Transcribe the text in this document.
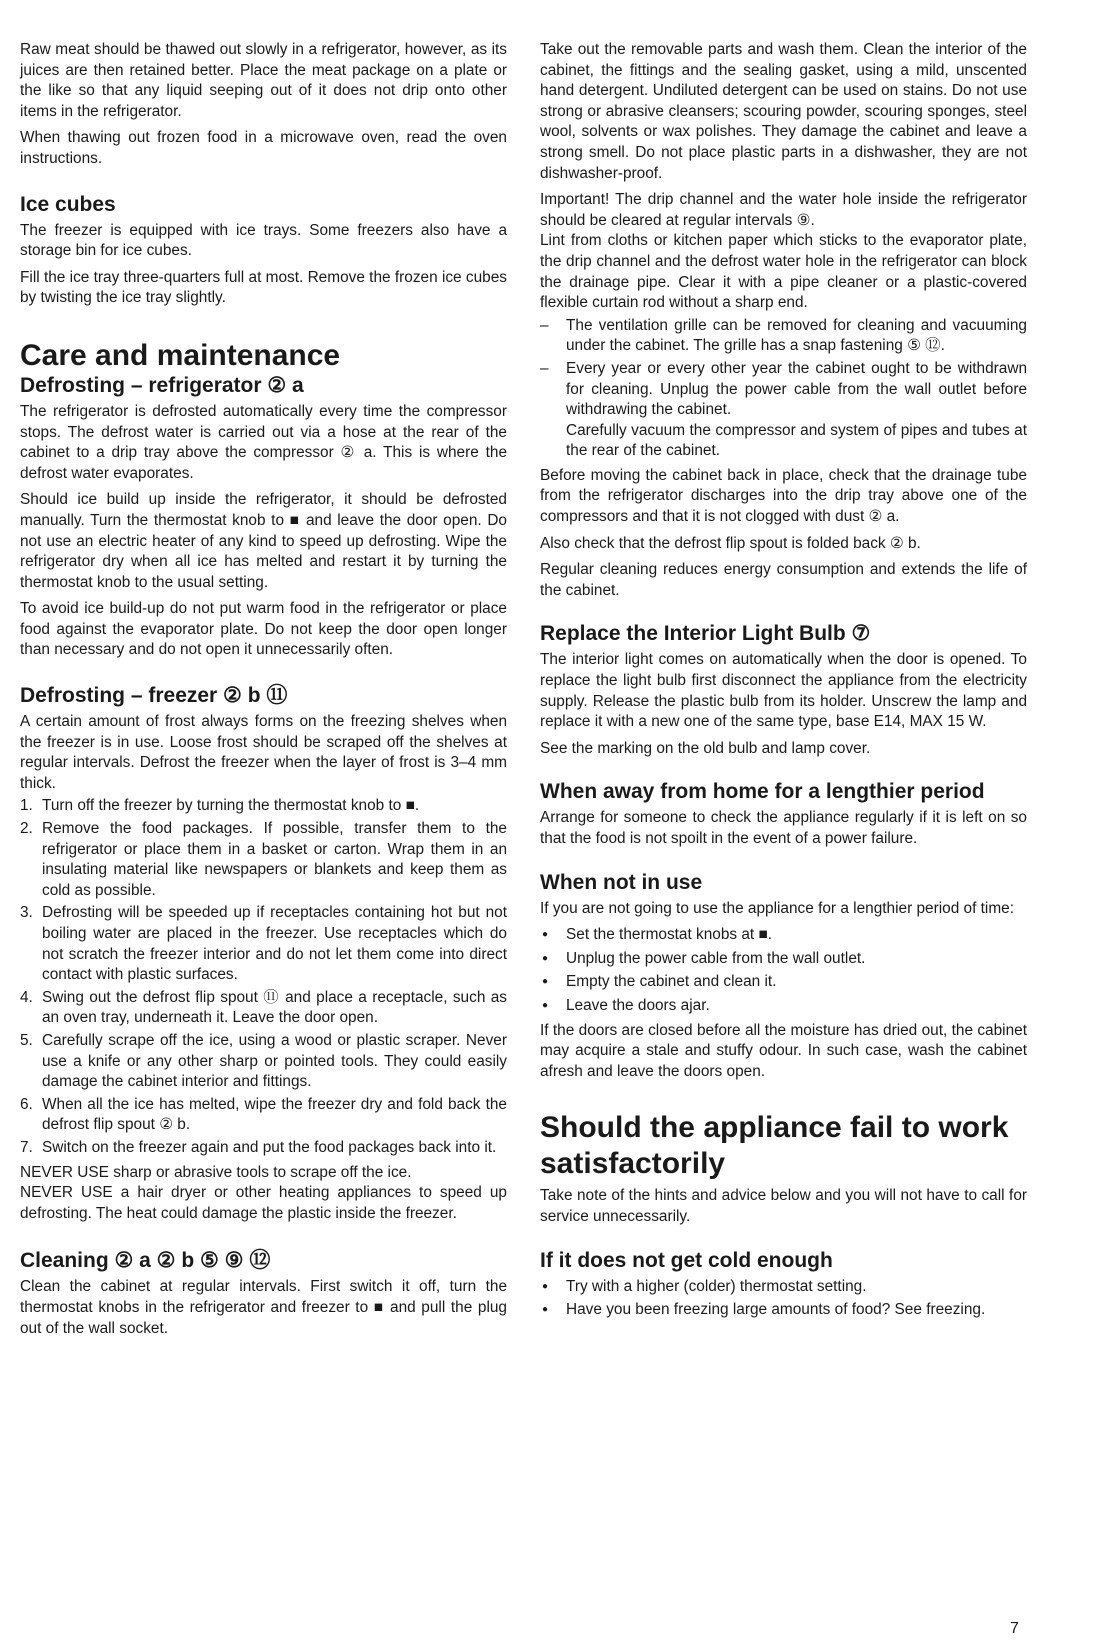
Raw meat should be thawed out slowly in a refrigerator, however, as its juices are then retained better. Place the meat package on a plate or the like so that any liquid seeping out of it does not drip onto other items in the refrigerator.

When thawing out frozen food in a microwave oven, read the oven instructions.

Ice cubes

The freezer is equipped with ice trays. Some freezers also have a storage bin for ice cubes.

Fill the ice tray three-quarters full at most. Remove the frozen ice cubes by twisting the ice tray slightly.

Care and maintenance
Defrosting – refrigerator ② a

The refrigerator is defrosted automatically every time the compressor stops. The defrost water is carried out via a hose at the rear of the cabinet to a drip tray above the compressor ② a. This is where the defrost water evaporates.

Should ice build up inside the refrigerator, it should be defrosted manually. Turn the thermostat knob to ■ and leave the door open. Do not use an electric heater of any kind to speed up defrosting. Wipe the refrigerator dry when all ice has melted and restart it by turning the thermostat knob to the usual setting.

To avoid ice build-up do not put warm food in the refrigerator or place food against the evaporator plate. Do not keep the door open longer than necessary and do not open it unnecessarily often.

Defrosting – freezer ② b ⑪

A certain amount of frost always forms on the freezing shelves when the freezer is in use. Loose frost should be scraped off the shelves at regular intervals. Defrost the freezer when the layer of frost is 3–4 mm thick.

1. Turn off the freezer by turning the thermostat knob to ■.
2. Remove the food packages. If possible, transfer them to the refrigerator or place them in a basket or carton. Wrap them in an insulating material like newspapers or blankets and keep them as cold as possible.
3. Defrosting will be speeded up if receptacles containing hot but not boiling water are placed in the freezer. Use receptacles which do not scratch the freezer interior and do not let them come into direct contact with plastic surfaces.
4. Swing out the defrost flip spout ⑪ and place a receptacle, such as an oven tray, underneath it. Leave the door open.
5. Carefully scrape off the ice, using a wood or plastic scraper. Never use a knife or any other sharp or pointed tools. They could easily damage the cabinet interior and fittings.
6. When all the ice has melted, wipe the freezer dry and fold back the defrost flip spout ② b.
7. Switch on the freezer again and put the food packages back into it.

NEVER USE sharp or abrasive tools to scrape off the ice.

NEVER USE a hair dryer or other heating appliances to speed up defrosting. The heat could damage the plastic inside the freezer.

Cleaning ② a ② b ⑤ ⑨ ⑫

Clean the cabinet at regular intervals. First switch it off, turn the thermostat knobs in the refrigerator and freezer to ■ and pull the plug out of the wall socket.

Take out the removable parts and wash them. Clean the interior of the cabinet, the fittings and the sealing gasket, using a mild, unscented hand detergent. Undiluted detergent can be used on stains. Do not use strong or abrasive cleansers; scouring powder, scouring sponges, steel wool, solvents or wax polishes. They damage the cabinet and leave a strong smell. Do not place plastic parts in a dishwasher, they are not dishwasher-proof.

Important! The drip channel and the water hole inside the refrigerator should be cleared at regular intervals ⑨.

Lint from cloths or kitchen paper which sticks to the evaporator plate, the drip channel and the defrost water hole in the refrigerator can block the drainage pipe. Clear it with a pipe cleaner or a plastic-covered flexible curtain rod without a sharp end.

– The ventilation grille can be removed for cleaning and vacuuming under the cabinet. The grille has a snap fastening ⑤ ⑫.
– Every year or every other year the cabinet ought to be withdrawn for cleaning. Unplug the power cable from the wall outlet before withdrawing the cabinet.
Carefully vacuum the compressor and system of pipes and tubes at the rear of the cabinet.

Before moving the cabinet back in place, check that the drainage tube from the refrigerator discharges into the drip tray above one of the compressors and that it is not clogged with dust ② a.

Also check that the defrost flip spout is folded back ② b.

Regular cleaning reduces energy consumption and extends the life of the cabinet.

Replace the Interior Light Bulb ⑦

The interior light comes on automatically when the door is opened. To replace the light bulb first disconnect the appliance from the electricity supply. Release the plastic bulb from its holder. Unscrew the lamp and replace it with a new one of the same type, base E14, MAX 15 W.

See the marking on the old bulb and lamp cover.

When away from home for a lengthier period

Arrange for someone to check the appliance regularly if it is left on so that the food is not spoilt in the event of a power failure.

When not in use

If you are not going to use the appliance for a lengthier period of time:

● Set the thermostat knobs at ■.
● Unplug the power cable from the wall outlet.
● Empty the cabinet and clean it.
● Leave the doors ajar.

If the doors are closed before all the moisture has dried out, the cabinet may acquire a stale and stuffy odour. In such case, wash the cabinet afresh and leave the doors open.

Should the appliance fail to work satisfactorily

Take note of the hints and advice below and you will not have to call for service unnecessarily.

If it does not get cold enough
● Try with a higher (colder) thermostat setting.
● Have you been freezing large amounts of food? See freezing.
7
